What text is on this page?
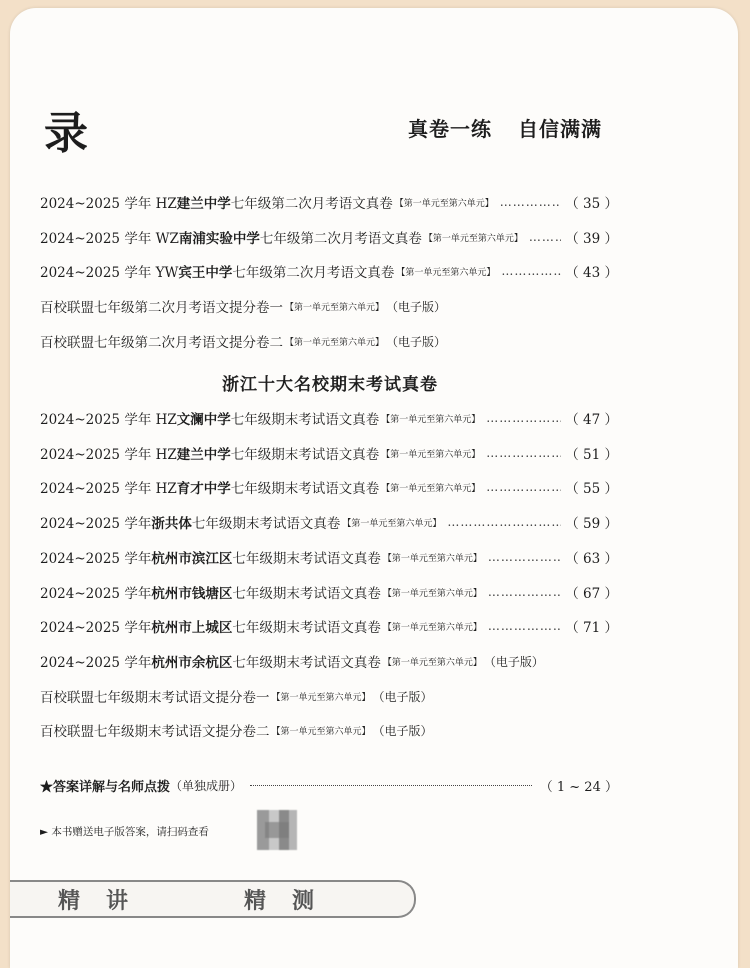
录	真卷一练 自信满满
2024~2025 学年 HZ 建兰中学 七年级第二次月考语文真卷 【第一单元至第六单元】 ……………………………………………………………………………………	（ 35 ）
2024~2025 学年 WZ 南浦实验中学 七年级第二次月考语文真卷 【第一单元至第六单元】 ……………………………………………………………………………………	（ 39 ）
2024~2025 学年 YW 宾王中学 七年级第二次月考语文真卷 【第一单元至第六单元】 ……………………………………………………………………………………	（ 43 ）
百校联盟七年级第二次月考语文提分卷一 【第一单元至第六单元】 （电子版）
百校联盟七年级第二次月考语文提分卷二 【第一单元至第六单元】 （电子版）
浙江十大名校期末考试真卷
2024~2025 学年 HZ 文澜中学 七年级期末考试语文真卷 【第一单元至第六单元】 ……………………………………………………………………………………	（ 47 ）
2024~2025 学年 HZ 建兰中学 七年级期末考试语文真卷 【第一单元至第六单元】 ……………………………………………………………………………………	（ 51 ）
2024~2025 学年 HZ 育才中学 七年级期末考试语文真卷 【第一单元至第六单元】 ……………………………………………………………………………………	（ 55 ）
2024~2025 学年 浙共体 七年级期末考试语文真卷 【第一单元至第六单元】 ……………………………………………………………………………………	（ 59 ）
2024~2025 学年 杭州市滨江区 七年级期末考试语文真卷 【第一单元至第六单元】 ……………………………………………………………………………………	（ 63 ）
2024~2025 学年 杭州市钱塘区 七年级期末考试语文真卷 【第一单元至第六单元】 ……………………………………………………………………………………	（ 67 ）
2024~2025 学年 杭州市上城区 七年级期末考试语文真卷 【第一单元至第六单元】 ……………………………………………………………………………………	（ 71 ）
2024~2025 学年 杭州市余杭区 七年级期末考试语文真卷 【第一单元至第六单元】 （电子版）
百校联盟七年级期末考试语文提分卷一 【第一单元至第六单元】 （电子版）
百校联盟七年级期末考试语文提分卷二 【第一单元至第六单元】 （电子版）
★答案详解与名师点拨 （单独成册）	（ 1 ~ 24 ）
► 本书赠送电子版答案，请扫码查看
精讲	精测
